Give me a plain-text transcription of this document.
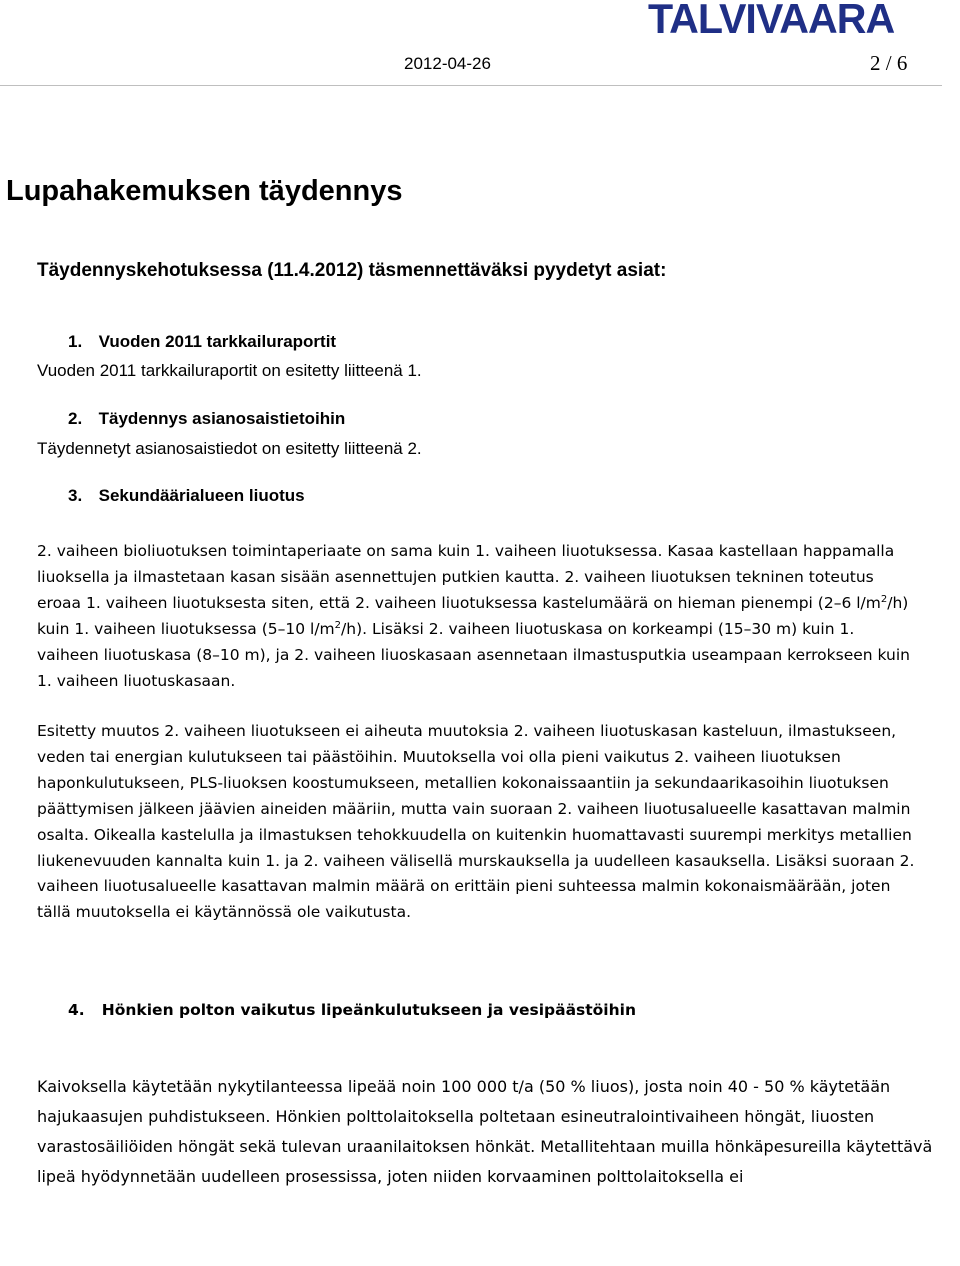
TALVIVAARA
2012-04-26	2 / 6
Lupahakemuksen täydennys
Täydennyskehotuksessa (11.4.2012) täsmennettäväksi pyydetyt asiat:
1. Vuoden 2011 tarkkailuraportit
Vuoden 2011 tarkkailuraportit on esitetty liitteenä 1.
2. Täydennys asianosaistietoihin
Täydennetyt asianosaistiedot on esitetty liitteenä 2.
3. Sekundäärialueen liuotus
2. vaiheen bioliuotuksen toimintaperiaate on sama kuin 1. vaiheen liuotuksessa. Kasaa kastellaan happamalla liuoksella ja ilmastetaan kasan sisään asennettujen putkien kautta. 2. vaiheen liuotuksen tekninen toteutus eroaa 1. vaiheen liuotuksesta siten, että 2. vaiheen liuotuksessa kastelumäärä on hieman pienempi (2–6 $l/m^2/h$) kuin 1. vaiheen liuotuksessa (5–10 $l/m^2/h$). Lisäksi 2. vaiheen liuotuskasa on korkeampi (15–30 m) kuin 1. vaiheen liuotuskasa (8–10 m), ja 2. vaiheen liuoskasaan asennetaan ilmastusputkia useampaan kerrokseen kuin 1. vaiheen liuotuskasaan.
Esitetty muutos 2. vaiheen liuotukseen ei aiheuta muutoksia 2. vaiheen liuotuskasan kasteluun, ilmastukseen, veden tai energian kulutukseen tai päästöihin. Muutoksella voi olla pieni vaikutus 2. vaiheen liuotuksen haponkulutukseen, PLS-liuoksen koostumukseen, metallien kokonaissaantiin ja sekundaarikasoihin liuotuksen päättymisen jälkeen jäävien aineiden määriin, mutta vain suoraan 2. vaiheen liuotusalueelle kasattavan malmin osalta. Oikealla kastelulla ja ilmastuksen tehokkuudella on kuitenkin huomattavasti suurempi merkitys metallien liukenevuuden kannalta kuin 1. ja 2. vaiheen välisellä murskauksella ja uudelleen kasauksella. Lisäksi suoraan 2. vaiheen liuotusalueelle kasattavan malmin määrä on erittäin pieni suhteessa malmin kokonaismäärään, joten tällä muutoksella ei käytännössä ole vaikutusta.
4. Hönkien polton vaikutus lipeänkulutukseen ja vesipäästöihin
Kaivoksella käytetään nykytilanteessa lipeää noin 100 000 t/a (50 % liuos), josta noin 40 - 50 % käytetään hajukaasujen puhdistukseen. Hönkien polttolaitoksella poltetaan esineutralointivaiheen höngät, liuosten varastosäiliöiden höngät sekä tulevan uraanilaitoksen hönkät. Metallitehtaan muilla hönkäpesureilla käytettävä lipeä hyödynnetään uudelleen prosessissa, joten niiden korvaaminen polttolaitoksella ei
